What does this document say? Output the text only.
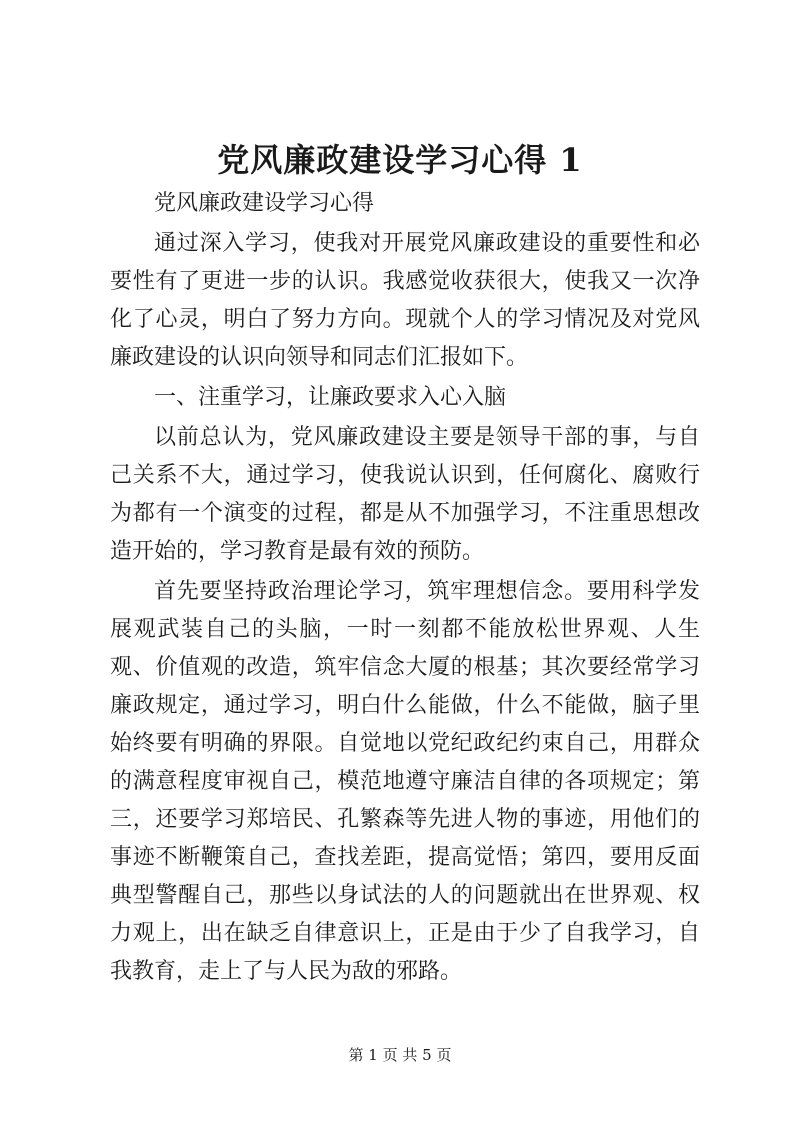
党风廉政建设学习心得 1

党风廉政建设学习心得

通过深入学习，使我对开展党风廉政建设的重要性和必要性有了更进一步的认识。我感觉收获很大，使我又一次净化了心灵，明白了努力方向。现就个人的学习情况及对党风廉政建设的认识向领导和同志们汇报如下。

一、注重学习，让廉政要求入心入脑

以前总认为，党风廉政建设主要是领导干部的事，与自己关系不大，通过学习，使我说认识到，任何腐化、腐败行为都有一个演变的过程，都是从不加强学习，不注重思想改造开始的，学习教育是最有效的预防。

首先要坚持政治理论学习，筑牢理想信念。要用科学发展观武装自己的头脑，一时一刻都不能放松世界观、人生观、价值观的改造，筑牢信念大厦的根基；其次要经常学习廉政规定，通过学习，明白什么能做，什么不能做，脑子里始终要有明确的界限。自觉地以党纪政纪约束自己，用群众的满意程度审视自己，模范地遵守廉洁自律的各项规定；第三，还要学习郑培民、孔繁森等先进人物的事迹，用他们的事迹不断鞭策自己，查找差距，提高觉悟；第四，要用反面典型警醒自己，那些以身试法的人的问题就出在世界观、权力观上，出在缺乏自律意识上，正是由于少了自我学习，自我教育，走上了与人民为敌的邪路。

第 1 页 共 5 页
